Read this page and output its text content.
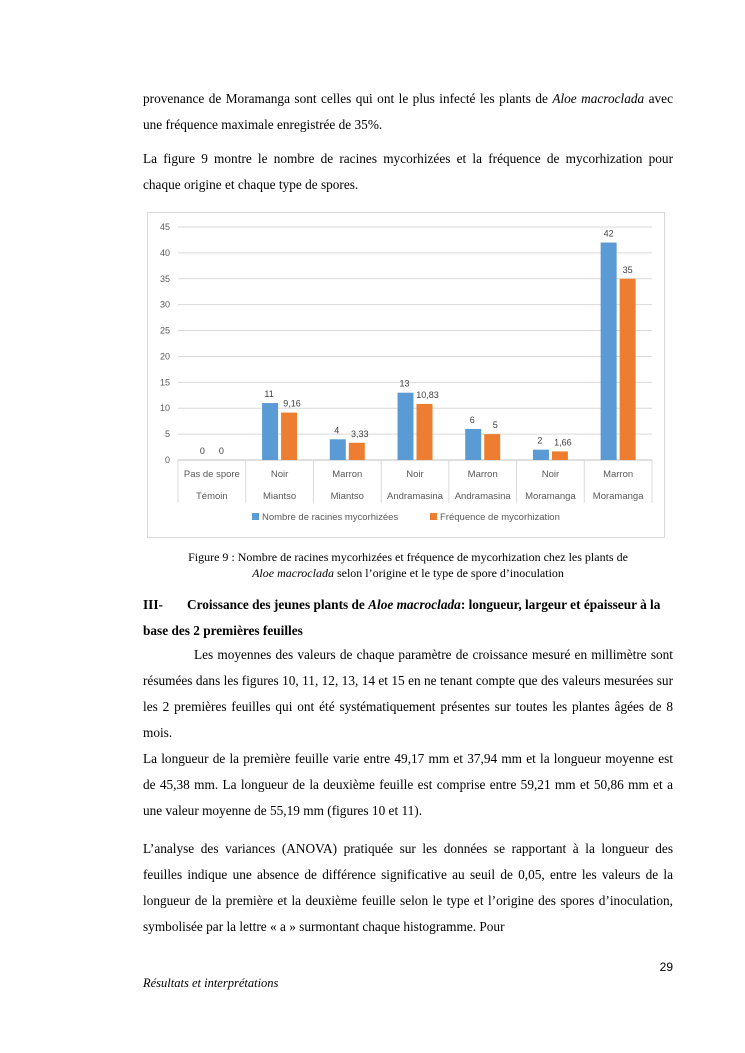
provenance de Moramanga sont celles qui ont le plus infecté les plants de Aloe macroclada avec une fréquence maximale enregistrée de 35%.

La figure 9 montre le nombre de racines mycorhizées et la fréquence de mycorhization pour chaque origine et chaque type de spores.

0
5
10
15
20
25
30
35
40
45
0 0
Pas de spore
Témoin
11
9,16
Noir
Miantso
4 3,33
Marron
Miantso
13
10,83
Noir
Andramasina
6
5
Marron
Andramasina
2 1,66
Noir
Moramanga
42
35
Marron
Moramanga
Nombre de racines mycorhizées	Fréquence de mycorhization

Figure 9 : Nombre de racines mycorhizées et fréquence de mycorhization chez les plants de

Aloe macroclada selon l’origine et le type de spore d’inoculation

III- Croissance des jeunes plants de Aloe macroclada: longueur, largeur et épaisseur à la base des 2 premières feuilles

Les moyennes des valeurs de chaque paramètre de croissance mesuré en millimètre sont résumées dans les figures 10, 11, 12, 13, 14 et 15 en ne tenant compte que des valeurs mesurées sur les 2 premières feuilles qui ont été systématiquement présentes sur toutes les plantes âgées de 8 mois.

La longueur de la première feuille varie entre 49,17 mm et 37,94 mm et la longueur moyenne est de 45,38 mm. La longueur de la deuxième feuille est comprise entre 59,21 mm et 50,86 mm et a une valeur moyenne de 55,19 mm (figures 10 et 11).

L’analyse des variances (ANOVA) pratiquée sur les données se rapportant à la longueur des feuilles indique une absence de différence significative au seuil de 0,05, entre les valeurs de la longueur de la première et la deuxième feuille selon le type et l’origine des spores d’inoculation, symbolisée par la lettre « a » surmontant chaque histogramme. Pour

29
Résultats et interprétations
